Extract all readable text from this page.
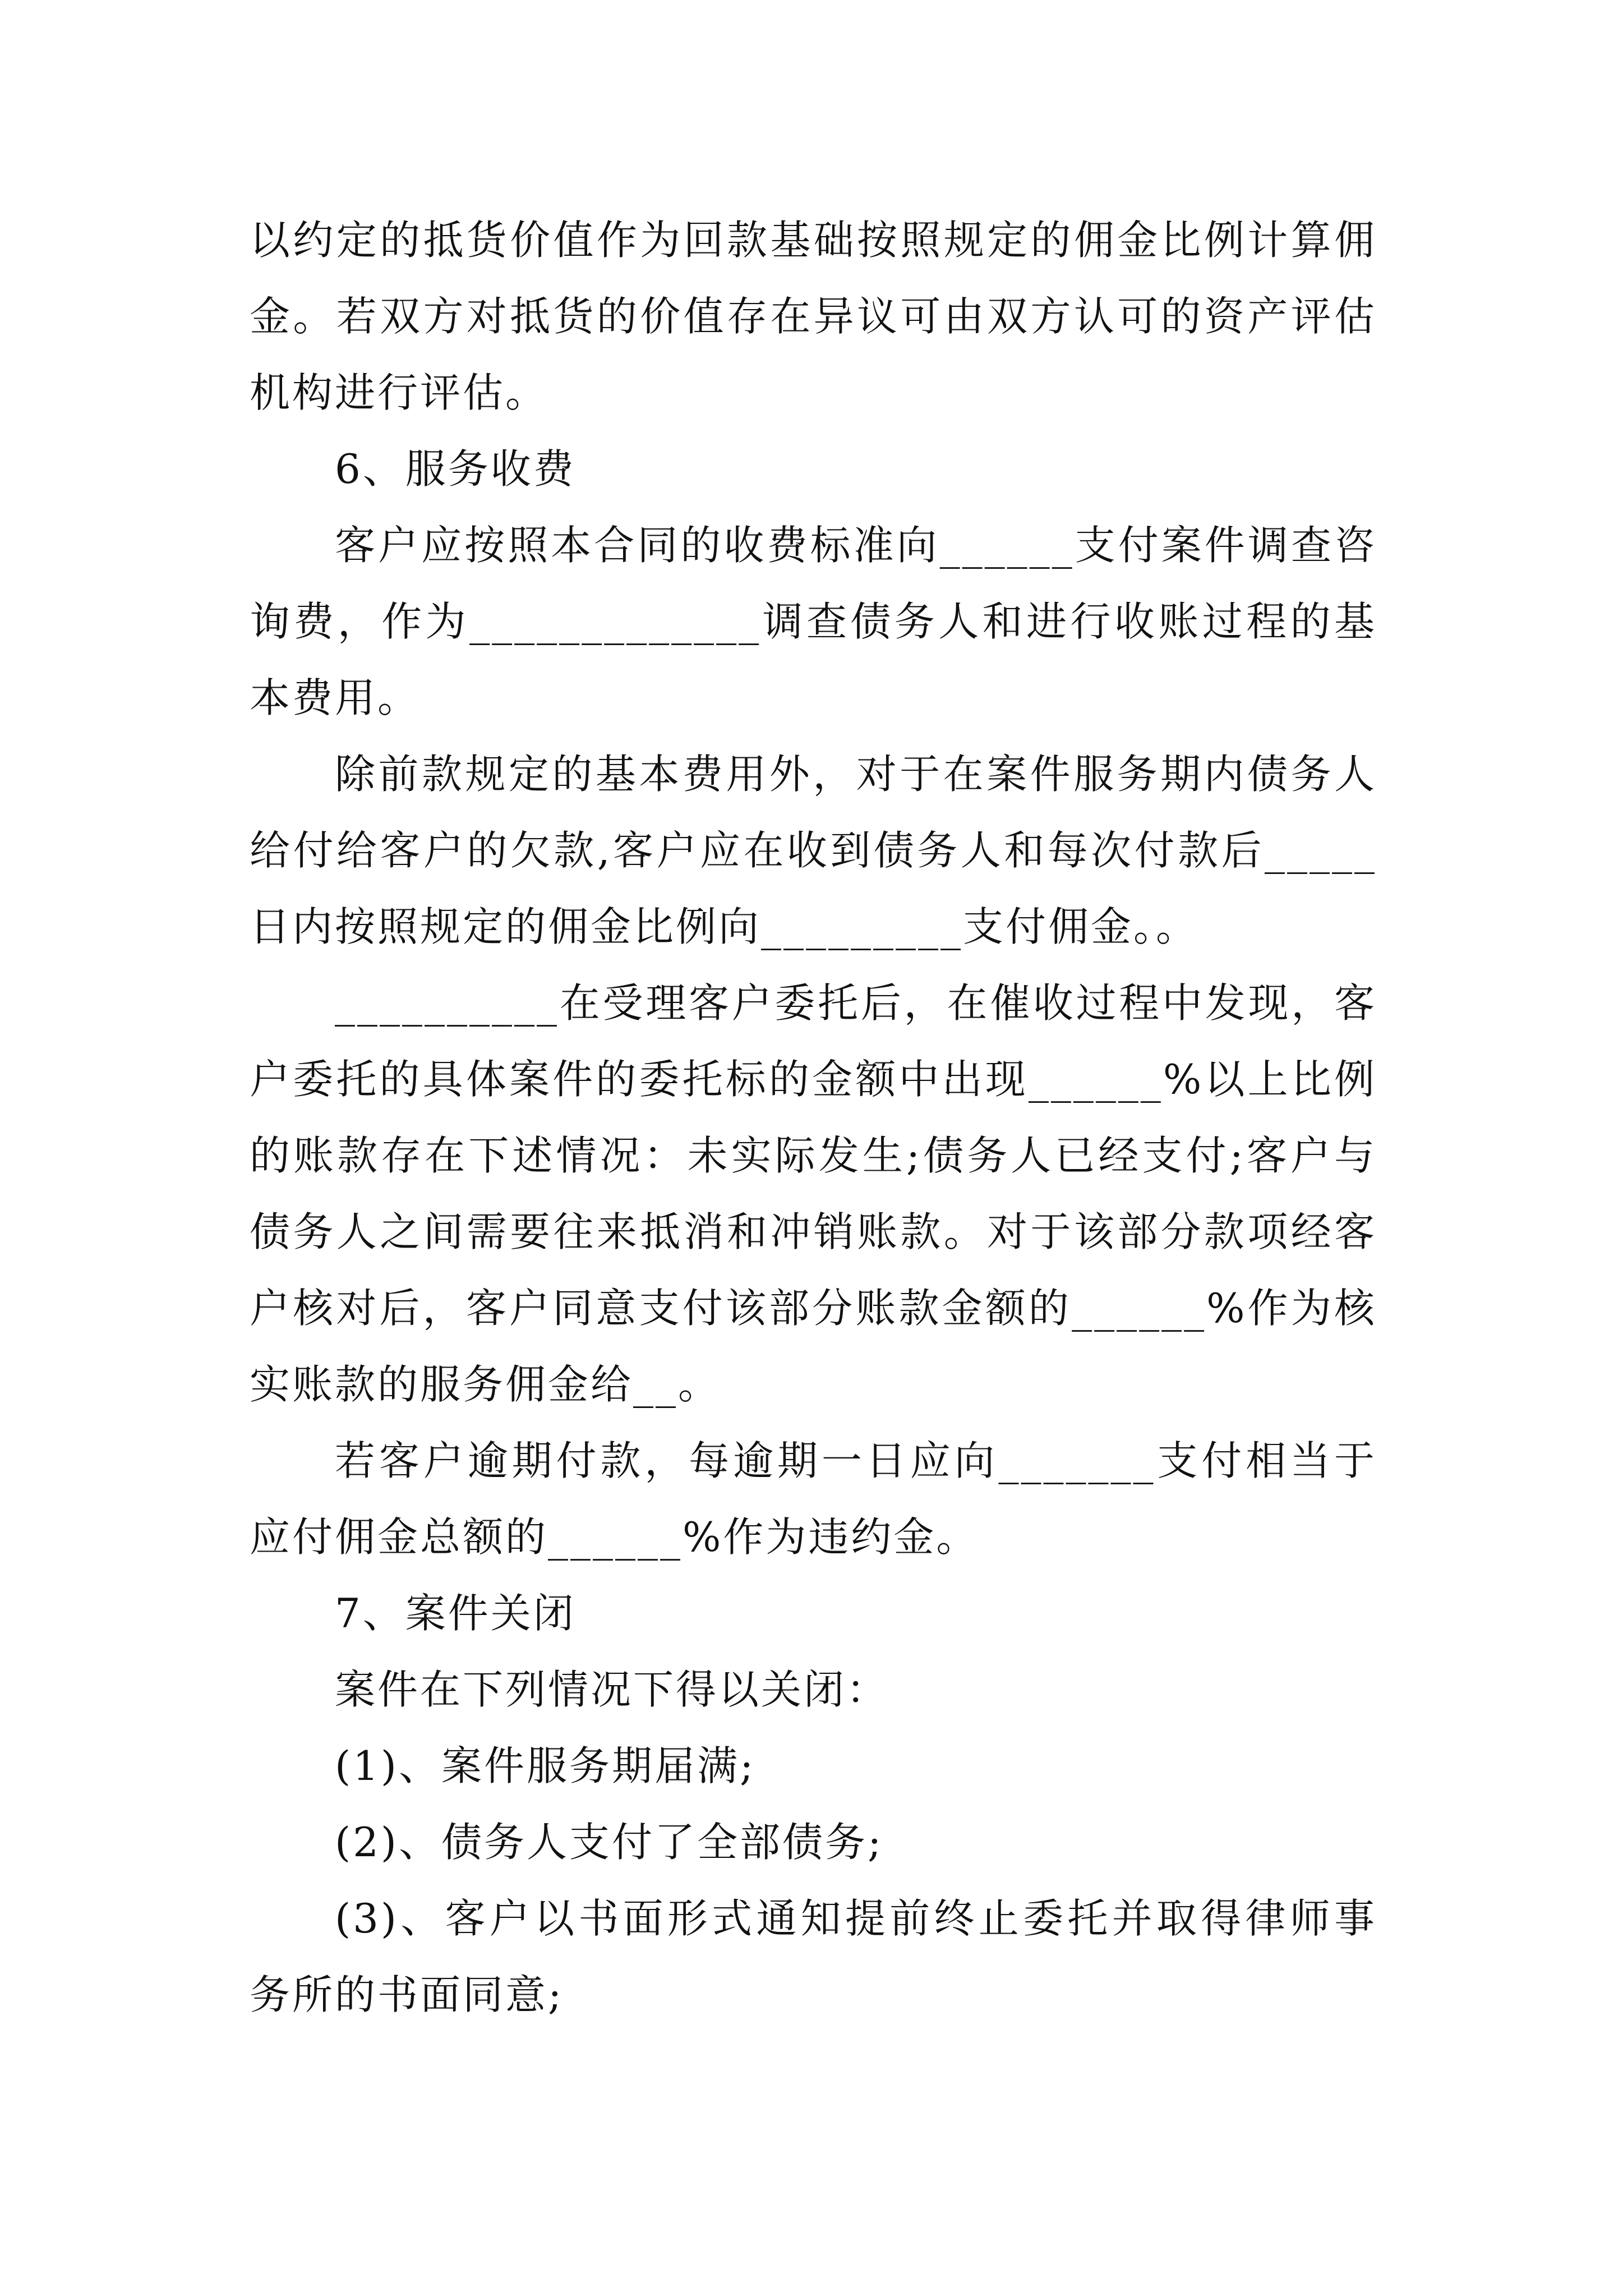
以约定的抵货价值作为回款基础按照规定的佣金比例计算佣金。若双方对抵货的价值存在异议可由双方认可的资产评估机构进行评估。

6、服务收费

客户应按照本合同的收费标准向______支付案件调查咨询费，作为_____________调查债务人和进行收账过程的基本费用。

除前款规定的基本费用外，对于在案件服务期内债务人给付给客户的欠款,客户应在收到债务人和每次付款后_____日内按照规定的佣金比例向_________支付佣金。。

__________在受理客户委托后，在催收过程中发现，客户委托的具体案件的委托标的金额中出现______%以上比例的账款存在下述情况：未实际发生;债务人已经支付;客户与债务人之间需要往来抵消和冲销账款。对于该部分款项经客户核对后，客户同意支付该部分账款金额的______%作为核实账款的服务佣金给__。

若客户逾期付款，每逾期一日应向_______支付相当于应付佣金总额的______%作为违约金。

7、案件关闭

案件在下列情况下得以关闭：

(1)、案件服务期届满;

(2)、债务人支付了全部债务;

(3)、客户以书面形式通知提前终止委托并取得律师事务所的书面同意;
